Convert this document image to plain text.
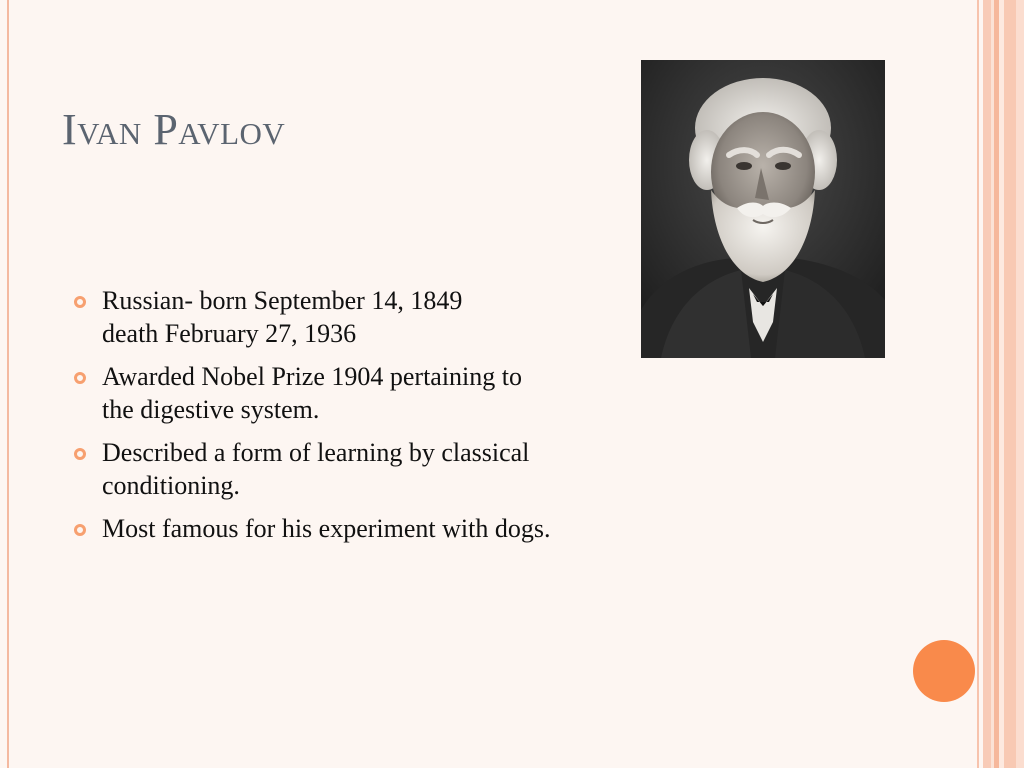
Ivan Pavlov
Russian- born September 14, 1849
death February 27, 1936
Awarded Nobel Prize 1904 pertaining to
the digestive system.
Described a form of learning by classical
conditioning.
Most famous for his experiment with dogs.
